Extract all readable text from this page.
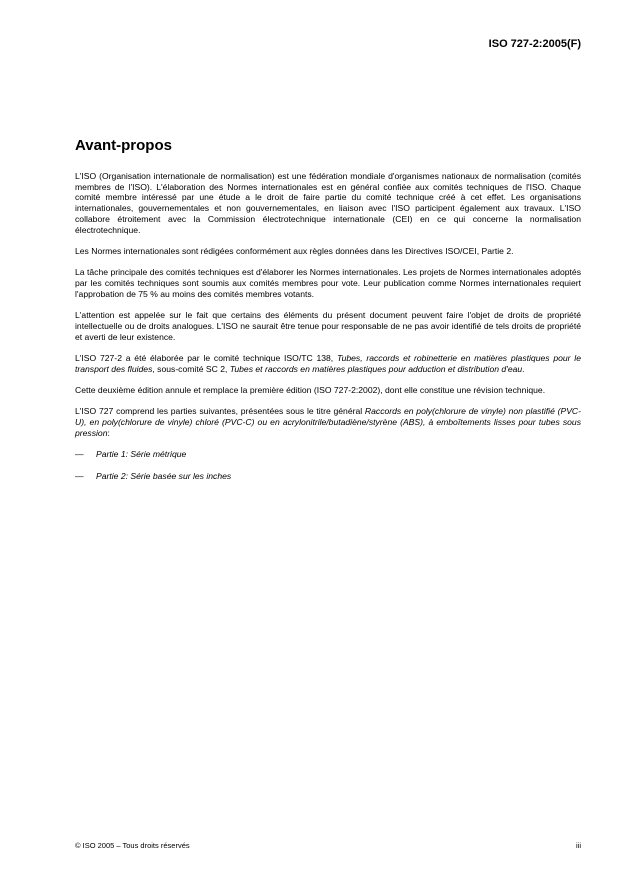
ISO 727-2:2005(F)
Avant-propos

L'ISO (Organisation internationale de normalisation) est une fédération mondiale d'organismes nationaux de normalisation (comités membres de l'ISO). L'élaboration des Normes internationales est en général confiée aux comités techniques de l'ISO. Chaque comité membre intéressé par une étude a le droit de faire partie du comité technique créé à cet effet. Les organisations internationales, gouvernementales et non gouvernementales, en liaison avec l'ISO participent également aux travaux. L'ISO collabore étroitement avec la Commission électrotechnique internationale (CEI) en ce qui concerne la normalisation électrotechnique.

Les Normes internationales sont rédigées conformément aux règles données dans les Directives ISO/CEI, Partie 2.

La tâche principale des comités techniques est d'élaborer les Normes internationales. Les projets de Normes internationales adoptés par les comités techniques sont soumis aux comités membres pour vote. Leur publication comme Normes internationales requiert l'approbation de 75 % au moins des comités membres votants.

L'attention est appelée sur le fait que certains des éléments du présent document peuvent faire l'objet de droits de propriété intellectuelle ou de droits analogues. L'ISO ne saurait être tenue pour responsable de ne pas avoir identifié de tels droits de propriété et averti de leur existence.

L'ISO 727-2 a été élaborée par le comité technique ISO/TC 138, Tubes, raccords et robinetterie en matières plastiques pour le transport des fluides, sous-comité SC 2, Tubes et raccords en matières plastiques pour adduction et distribution d'eau.

Cette deuxième édition annule et remplace la première édition (ISO 727-2:2002), dont elle constitue une révision technique.

L'ISO 727 comprend les parties suivantes, présentées sous le titre général Raccords en poly(chlorure de vinyle) non plastifié (PVC-U), en poly(chlorure de vinyle) chloré (PVC-C) ou en acrylonitrile/butadiène/styrène (ABS), à emboîtements lisses pour tubes sous pression:

— Partie 1: Série métrique
— Partie 2: Série basée sur les inches
© ISO 2005 – Tous droits réservés	iii
